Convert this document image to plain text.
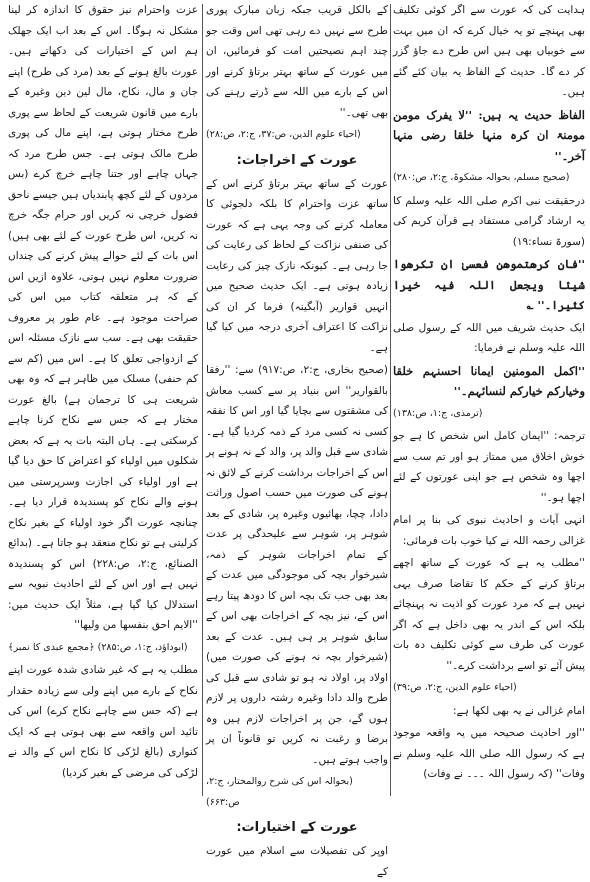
ہدایت کی کہ عورت سے اگر کوئی تکلیف بھی پہنچے تو یہ خیال کرے کہ ان میں بہت سے خوبیاں بھی ہیں اس طرح دے جاؤ گزر کر دے گا۔ حدیث کے الفاظ یہ بیان کئے گئے ہیں۔

الفاظ حدیث یہ ہیں: ''لا یفرک مومن مومنۃ ان کرہ منہا خلقا رضی منہا آخر۔''

(صحیح مسلم، بحوالہ مشکوۃ، ج:۲، ص:۲۸۰)

درحقیقت نبی اکرم صلی اللہ علیہ وسلم کا یہ ارشاد گرامی مستفاد ہے قرآن کریم کی (سورۃ نساء:۱۹)

''فان کرھتموھن فعسیٰ ان تکرھوا شیئا ویجعل اللہ فیہ خیرا کثیرا۔'' ؎

ایک حدیث شریف میں اللہ کے رسول صلی اللہ علیہ وسلم نے فرمایا:

''اکمل المومنین ایمانا احسنہم خلقا وخیارکم خیارکم لنسائہم۔''

(ترمذی، ج:۱، ص:۱۳۸)

ترجمہ: ''ایمان کامل اس شخص کا ہے جو خوش اخلاق میں ممتاز ہو اور تم سب سے اچھا وہ شخص ہے جو اپنی عورتوں کے لئے اچھا ہو۔''

انہی آیات و احادیث نبوی کی بنا پر امام غزالی رحمہ اللہ نے کیا خوب بات فرمائی:

''مطلب یہ ہے کہ عورت کے ساتھ اچھے برتاؤ کرنے کے حکم کا تقاضا صرف یہی نہیں ہے کہ مرد عورت کو اذیت نہ پہنچائے بلکہ اس کے اندر یہ بھی داخل ہے کہ اگر عورت کی طرف سے کوئی تکلیف دہ بات پیش آئے تو اسے برداشت کرے۔''

(احیاء علوم الدین، ج:۲، ص:۳۹)

امام غزالی نے یہ بھی لکھا ہے:

''اور احادیث صحیحہ میں یہ واقعہ موجود ہے کہ رسول اللہ صلی اللہ علیہ وسلم نے وفات'' (کہ رسول اللہ ۔۔۔ نے وفات)

کے بالکل قریب جبکہ زبان مبارک پوری طرح سے نہیں دے رہی تھی اس وقت جو چند اہم نصیحتیں امت کو فرمائیں، ان میں عورت کے ساتھ بہتر برتاؤ کرنے اور اس کے بارے میں اللہ سے ڈرتے رہنے کی بھی تھی۔''

(احیاء علوم الدین، ص:۳۷، ج:۲، ص:۲۸)

عورت کے اخراجات:

عورت کے ساتھ بہتر برتاؤ کرنے اس کے ساتھ عزت واحترام کا بلکہ دلجوئی کا معاملہ کرنے کی وجہ یہی ہے کہ عورت کی صنفی نزاکت کے لحاظ کی رعایت کی جا رہی ہے۔ کیونکہ نازک چیز کی رعایت زیادہ ہوتی ہے۔ ایک حدیث صحیح میں انہیں قواریر (آبگینہ) فرما کر ان کی نزاکت کا اعتراف آخری درجہ میں کیا گیا ہے۔

(صحیح بخاری، ج:۲، ص:۹۱۷) سے: ''رفقا بالقوارير'' اس بنیاد پر سے کسب معاش کی مشقتوں سے بچایا گیا اور اس کا نفقہ کسی نہ کسی مرد کے ذمہ کردیا گیا ہے۔ شادی سے قبل والد پر، والد کے نہ ہونے پر اس کے اخراجات برداشت کرنے کے لائق نہ ہونے کی صورت میں حسب اصول وراثت دادا، چچا، بھائیوں وغیرہ پر، شادی کے بعد شوہر پر، شوہر سے علیحدگی پر عدت کے تمام اخراجات شوہر کے ذمہ، شیرخوار بچہ کی موجودگی میں عدت کے بعد بھی جب تک بچہ اس کا دودھ پیتا رہے اس کے، نیز بچہ کے اخراجات بھی اس کے سابق شوہر پر ہی ہیں۔ عدت کے بعد (شیرخوار بچہ نہ ہونے کی صورت میں) اولاد پر، اولاد نہ ہو تو شادی سے قبل کی طرح والد دادا وغیرہ رشتہ داروں پر لازم ہوں گے، جن پر اخراجات لازم ہیں وہ برضا و رغبت نہ کریں تو قانوناً ان پر واجب ہوتے ہیں۔

(بحوالہ اس کی شرح روالمحتار، ج:۲، ص:۶۶۳)

عورت کے اختیارات:

اوپر کی تفصیلات سے اسلام میں عورت کے

عزت واحترام نیز حقوق کا اندازہ کر لینا مشکل نہ ہوگا۔ اس کے بعد اب ایک جھلک ہم اس کے اختیارات کی دکھاتے ہیں۔ عورت بالغ ہونے کے بعد (مرد کی طرح) اپنے جان و مال، نکاح، مال لین دین وغیرہ کے بارے میں قانون شریعت کے لحاظ سے پوری طرح مختار ہوتی ہے، اپنے مال کی پوری طرح مالک ہوتی ہے۔ جس طرح مرد کہ جہاں چاہے اور جتنا چاہے خرچ کرے (بس مردوں کے لئے کچھ پابندیاں ہیں جیسے ناحق فضول خرچی نہ کریں اور حرام جگہ خرچ نہ کریں، اس طرح عورت کے لئے بھی ہیں) اس بات کے لئے حوالے پیش کرنے کی چنداں ضرورت معلوم نہیں ہوتی، علاوہ ازیں اس کے کہ ہر متعلقہ کتاب میں اس کی صراحت موجود ہے۔ عام طور پر معروف حقیقت بھی ہے۔ سب سے نازک مسئلہ اس کے ازدواجی تعلق کا ہے۔ اس میں (کم سے کم حنفی) مسلک میں ظاہر ہے کہ وہ بھی شریعت ہی کا ترجمان ہے) بالغ عورت مختار ہے کہ جس سے نکاح کرنا چاہے کرسکتی ہے۔ ہاں البتہ بات یہ ہے کہ بعض شکلوں میں اولیاء کو اعتراض کا حق دیا گیا ہے اور اولیاء کی اجازت وسرپرستی میں ہونے والے نکاح کو پسندیدہ قرار دیا ہے۔ چنانچہ عورت اگر خود اولیاء کے بغیر نکاح کرلیتی ہے تو نکاح منعقد ہو جاتا ہے۔ (بدائع الصنائع، ج:۲، ص:۲۲۸) اس کو پسندیدہ نہیں ہے اور اس کے لئے احادیث نبویہ سے استدلال کیا گیا ہے، مثلاً ایک حدیث میں: ''الایم احق بنفسها من وليها''

(ابوداؤد، ج:۱، ص:۲۸۵) ﴿مجمع عبدی کا نمبر﴾

مطلب یہ ہے کہ غیر شادی شدہ عورت اپنے نکاح کے بارے میں اپنے ولی سے زیادہ حقدار ہے (کہ جس سے چاہے نکاح کرے) اس کی تائید اس واقعہ سے بھی ہوتی ہے کہ ایک کنواری (بالغ لڑکی کا نکاح اس کے والد نے لڑکی کی مرضی کے بغیر کردیا)
